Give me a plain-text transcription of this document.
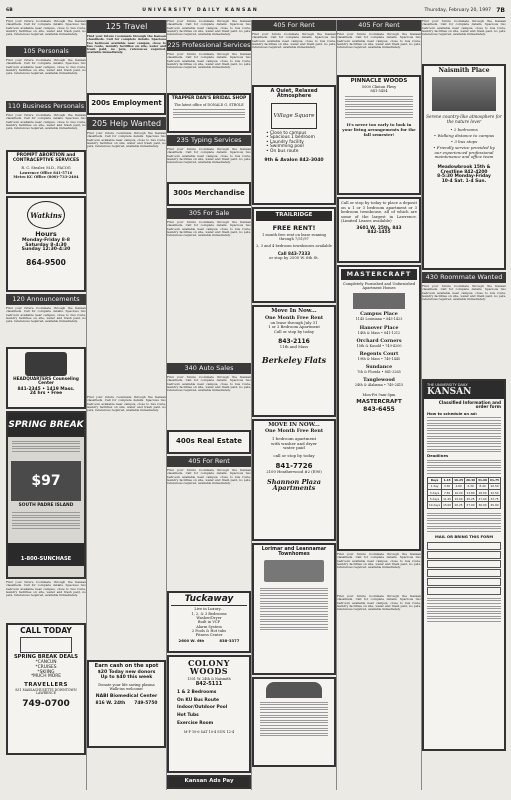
6B	UNIVERSITY DAILY KANSAN	Thursday, February 20, 1997 7B
Find your future roommate through the Kansan classifieds. Call for complete details. Spacious two bedroom available near campus, close to bus route, laundry facilities on site, water and trash paid, no pets, references required, available immediately.
105 Personals
Find your future roommate through the Kansan classifieds. Call for complete details. Spacious two bedroom available near campus, close to bus route, laundry facilities on site, water and trash paid, no pets, references required, available immediately.
110 Business Personals
Find your future roommate through the Kansan classifieds. Call for complete details. Spacious two bedroom available near campus, close to bus route, laundry facilities on site, water and trash paid, no pets, references required, available immediately.
PROMPT ABORTION and CONTRACEPTIVE SERVICES
R. C. Stealer, M.D., FACOG
Lawrence Office 841-5716
Metro KC Office (800)-733-2404
Watkins
Hours
Monday-Friday 8-8
Saturday 8-4:30
Sunday 12:30-4:30
864-9500
120 Announcements
Find your future roommate through the Kansan classifieds. Call for complete details. Spacious two bedroom available near campus, close to bus route, laundry facilities on site, water and trash paid, no pets, references required, available immediately.
HEADQUARTERS Counseling Center
841-2345 • 1419 Mass.
24 hrs • Free
SPRING BREAK
$97
SOUTH PADRE ISLAND
1-800-SUNCHASE
Find your future roommate through the Kansan classifieds. Call for complete details. Spacious two bedroom available near campus, close to bus route, laundry facilities on site, water and trash paid, no pets, references required, available immediately.
CALL TODAY
SPRING BREAK DEALS
*CANCUN
*CRUISES
*SKIING
*MUCH MORE
TRAVELLERS
831 MASSACHUSETTS DOWNTOWN LAWRENCE
749-0700
125 Travel
Find your future roommate through the Kansan classifieds. Call for complete details. Spacious two bedroom available near campus, close to bus route, laundry facilities on site, water and trash paid, no pets, references required, available immediately.
200s Employment
205 Help Wanted
Find your future roommate through the Kansan classifieds. Call for complete details. Spacious two bedroom available near campus, close to bus route, laundry facilities on site, water and trash paid, no pets, references required, available immediately.
Find your future roommate through the Kansan classifieds. Call for complete details. Spacious two bedroom available near campus, close to bus route, laundry facilities on site, water and trash paid, no pets, references required, available immediately.
Earn cash on the spot
$20 Today new donors
Up to $40 this week
Donate your life saving plasma
Walk-ins welcome!
NABI Biomedical Center
816 W. 24th 749-5750
Find your future roommate through the Kansan classifieds. Call for complete details. Spacious two bedroom available near campus, close to bus route, laundry facilities on site, water and trash paid, no pets, references required, available immediately.
225 Professional Services
Find your future roommate through the Kansan classifieds. Call for complete details. Spacious two bedroom available near campus, close to bus route, laundry facilities on site, water and trash paid, no pets, references required, available immediately.
TRAPPER DAN'S BRIDAL SHOP
The latest office of DONALD G. STROLE
235 Typing Services
Find your future roommate through the Kansan classifieds. Call for complete details. Spacious two bedroom available near campus, close to bus route, laundry facilities on site, water and trash paid, no pets, references required, available immediately.
300s Merchandise
305 For Sale
Find your future roommate through the Kansan classifieds. Call for complete details. Spacious two bedroom available near campus, close to bus route, laundry facilities on site, water and trash paid, no pets, references required, available immediately.
340 Auto Sales
Find your future roommate through the Kansan classifieds. Call for complete details. Spacious two bedroom available near campus, close to bus route, laundry facilities on site, water and trash paid, no pets, references required, available immediately.
400s Real Estate
405 For Rent
Find your future roommate through the Kansan classifieds. Call for complete details. Spacious two bedroom available near campus, close to bus route, laundry facilities on site, water and trash paid, no pets, references required, available immediately.
Tuckaway
Live in Luxury...
1, 2, & 3 Bedrooms
Washer/Dryer
Built in VCP
Alarm System
2 Pools & Hot tubs
Fitness Center
2600 W. 6th	838-3377
COLONY WOODS
1301 W. 24th & Naismith
842-5111
1 & 2 Bedrooms
On KU Bus Route
Indoor/Outdoor Pool
Hot Tubs
Exercise Room
M-F 10-6 SAT 10-4 SUN 12-4
Kansan Ads Pay
405 For Rent
Find your future roommate through the Kansan classifieds. Call for complete details. Spacious two bedroom available near campus, close to bus route, laundry facilities on site, water and trash paid, no pets, references required, available immediately.
A Quiet, Relaxed Atmosphere
Village Square
• Close to campus
• Spacious 1 bedroom
• Laundry facility
• Swimming pool
• On bus route
9th & Avalon 842-3040
TRAILRIDGE
FREE RENT!
1 month free rent on lease running through 7/31/97
2, 3 and 4 bedroom townhouses available
Call 843-7333
or stop by 2500 W. 6th St.
Move In Now...
One Month Free Rent
on lease through July 31
1 or 2 Bedroom Apartment
Call or stop by today
843-2116
11th and Mass
Berkeley Flats
MOVE IN NOW...
One Month Free Rent
1 bedroom apartment
with washer and dryer
water paid
call or stop by today
841-7726
2100 Heatherwood #2 (E90)
Shannon Plaza Apartments
Lorimar and Leannamar Townhomes
405 For Rent
Find your future roommate through the Kansan classifieds. Call for complete details. Spacious two bedroom available near campus, close to bus route, laundry facilities on site, water and trash paid, no pets, references required, available immediately.
PINNACLE WOODS
5000 Clinton Pkwy
841-5454
It's never too early to look in your living arrangements for the fall semester!
Call or stop by today to place a deposit on a 1 or 3 bedroom apartment or 3 bedroom townhouse, all of which are some of the largest in Lawrence. (Limited Leases available)
3601 W. 25th, 843
842-1455
MASTERCRAFT
Completely Furnished and Unfurnished Apartment Homes
Campus Place
1145 Louisiana • 843-1423
Hanover Place
14th & Mass • 841-1212
Orchard Corners
15th & Kasold • 749-4200
Regents Court
19th & Mass • 749-1445
Sundance
7th & Florida • 841-3265
Tanglewood
24th & Alabama • 749-2415
Mon-Fri 9am-5pm
MASTERCRAFT
843-6455
Find your future roommate through the Kansan classifieds. Call for complete details. Spacious two bedroom available near campus, close to bus route, laundry facilities on site, water and trash paid, no pets, references required, available immediately.
Find your future roommate through the Kansan classifieds. Call for complete details. Spacious two bedroom available near campus, close to bus route, laundry facilities on site, water and trash paid, no pets, references required, available immediately.
Find your future roommate through the Kansan classifieds. Call for complete details. Spacious two bedroom available near campus, close to bus route, laundry facilities on site, water and trash paid, no pets, references required, available immediately.
Naismith Place
Serene country-like atmosphere for the nature lover
• 2 bedrooms
• Walking distance to campus
• 3 bus stops
• Friendly service provided by our experienced professional maintenance and office team
Meadowbrook 15th & Crestline 842-4200
8-5:30 Monday-Friday
10-4 Sat. 1-4 Sun.
430 Roommate Wanted
Find your future roommate through the Kansan classifieds. Call for complete details. Spacious two bedroom available near campus, close to bus route, laundry facilities on site, water and trash paid, no pets, references required, available immediately.
THE UNIVERSITY DAILY
KANSAN
Classified Information and order form
How to schedule an ad:
Deadlines
Days	1-15	16-25	26-40	41-60	61-75
1 day	3.30	4.60	6.30	8.40	10.50
3 days	7.50	10.20	13.80	18.00	22.50
5 days	11.25	15.00	20.25	27.00	33.75
10 days	15.00	20.25	27.00	36.00	45.00
MAIL OR BRING THIS FORM
